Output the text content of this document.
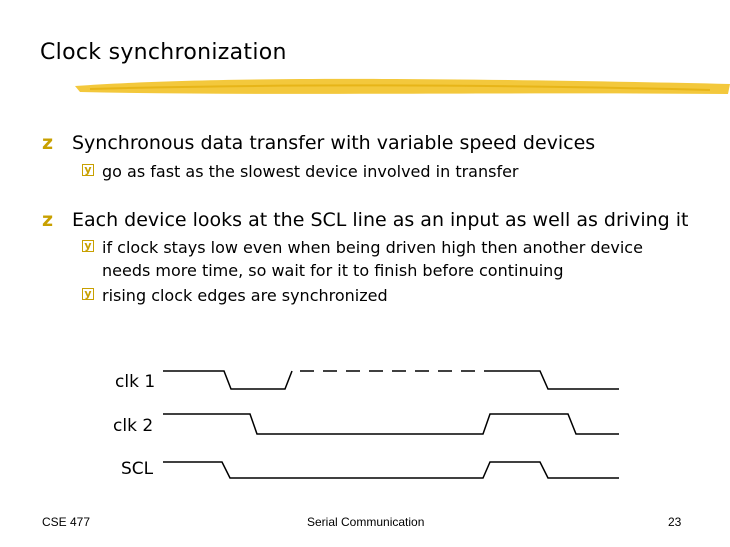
Clock synchronization
z Synchronous data transfer with variable speed devices
y go as fast as the slowest device involved in transfer
z Each device looks at the SCL line as an input as well as driving it
y if clock stays low even when being driven high then another device
needs more time, so wait for it to finish before continuing
y rising clock edges are synchronized
clk 1
clk 2
SCL
CSE 477	Serial Communication	23
